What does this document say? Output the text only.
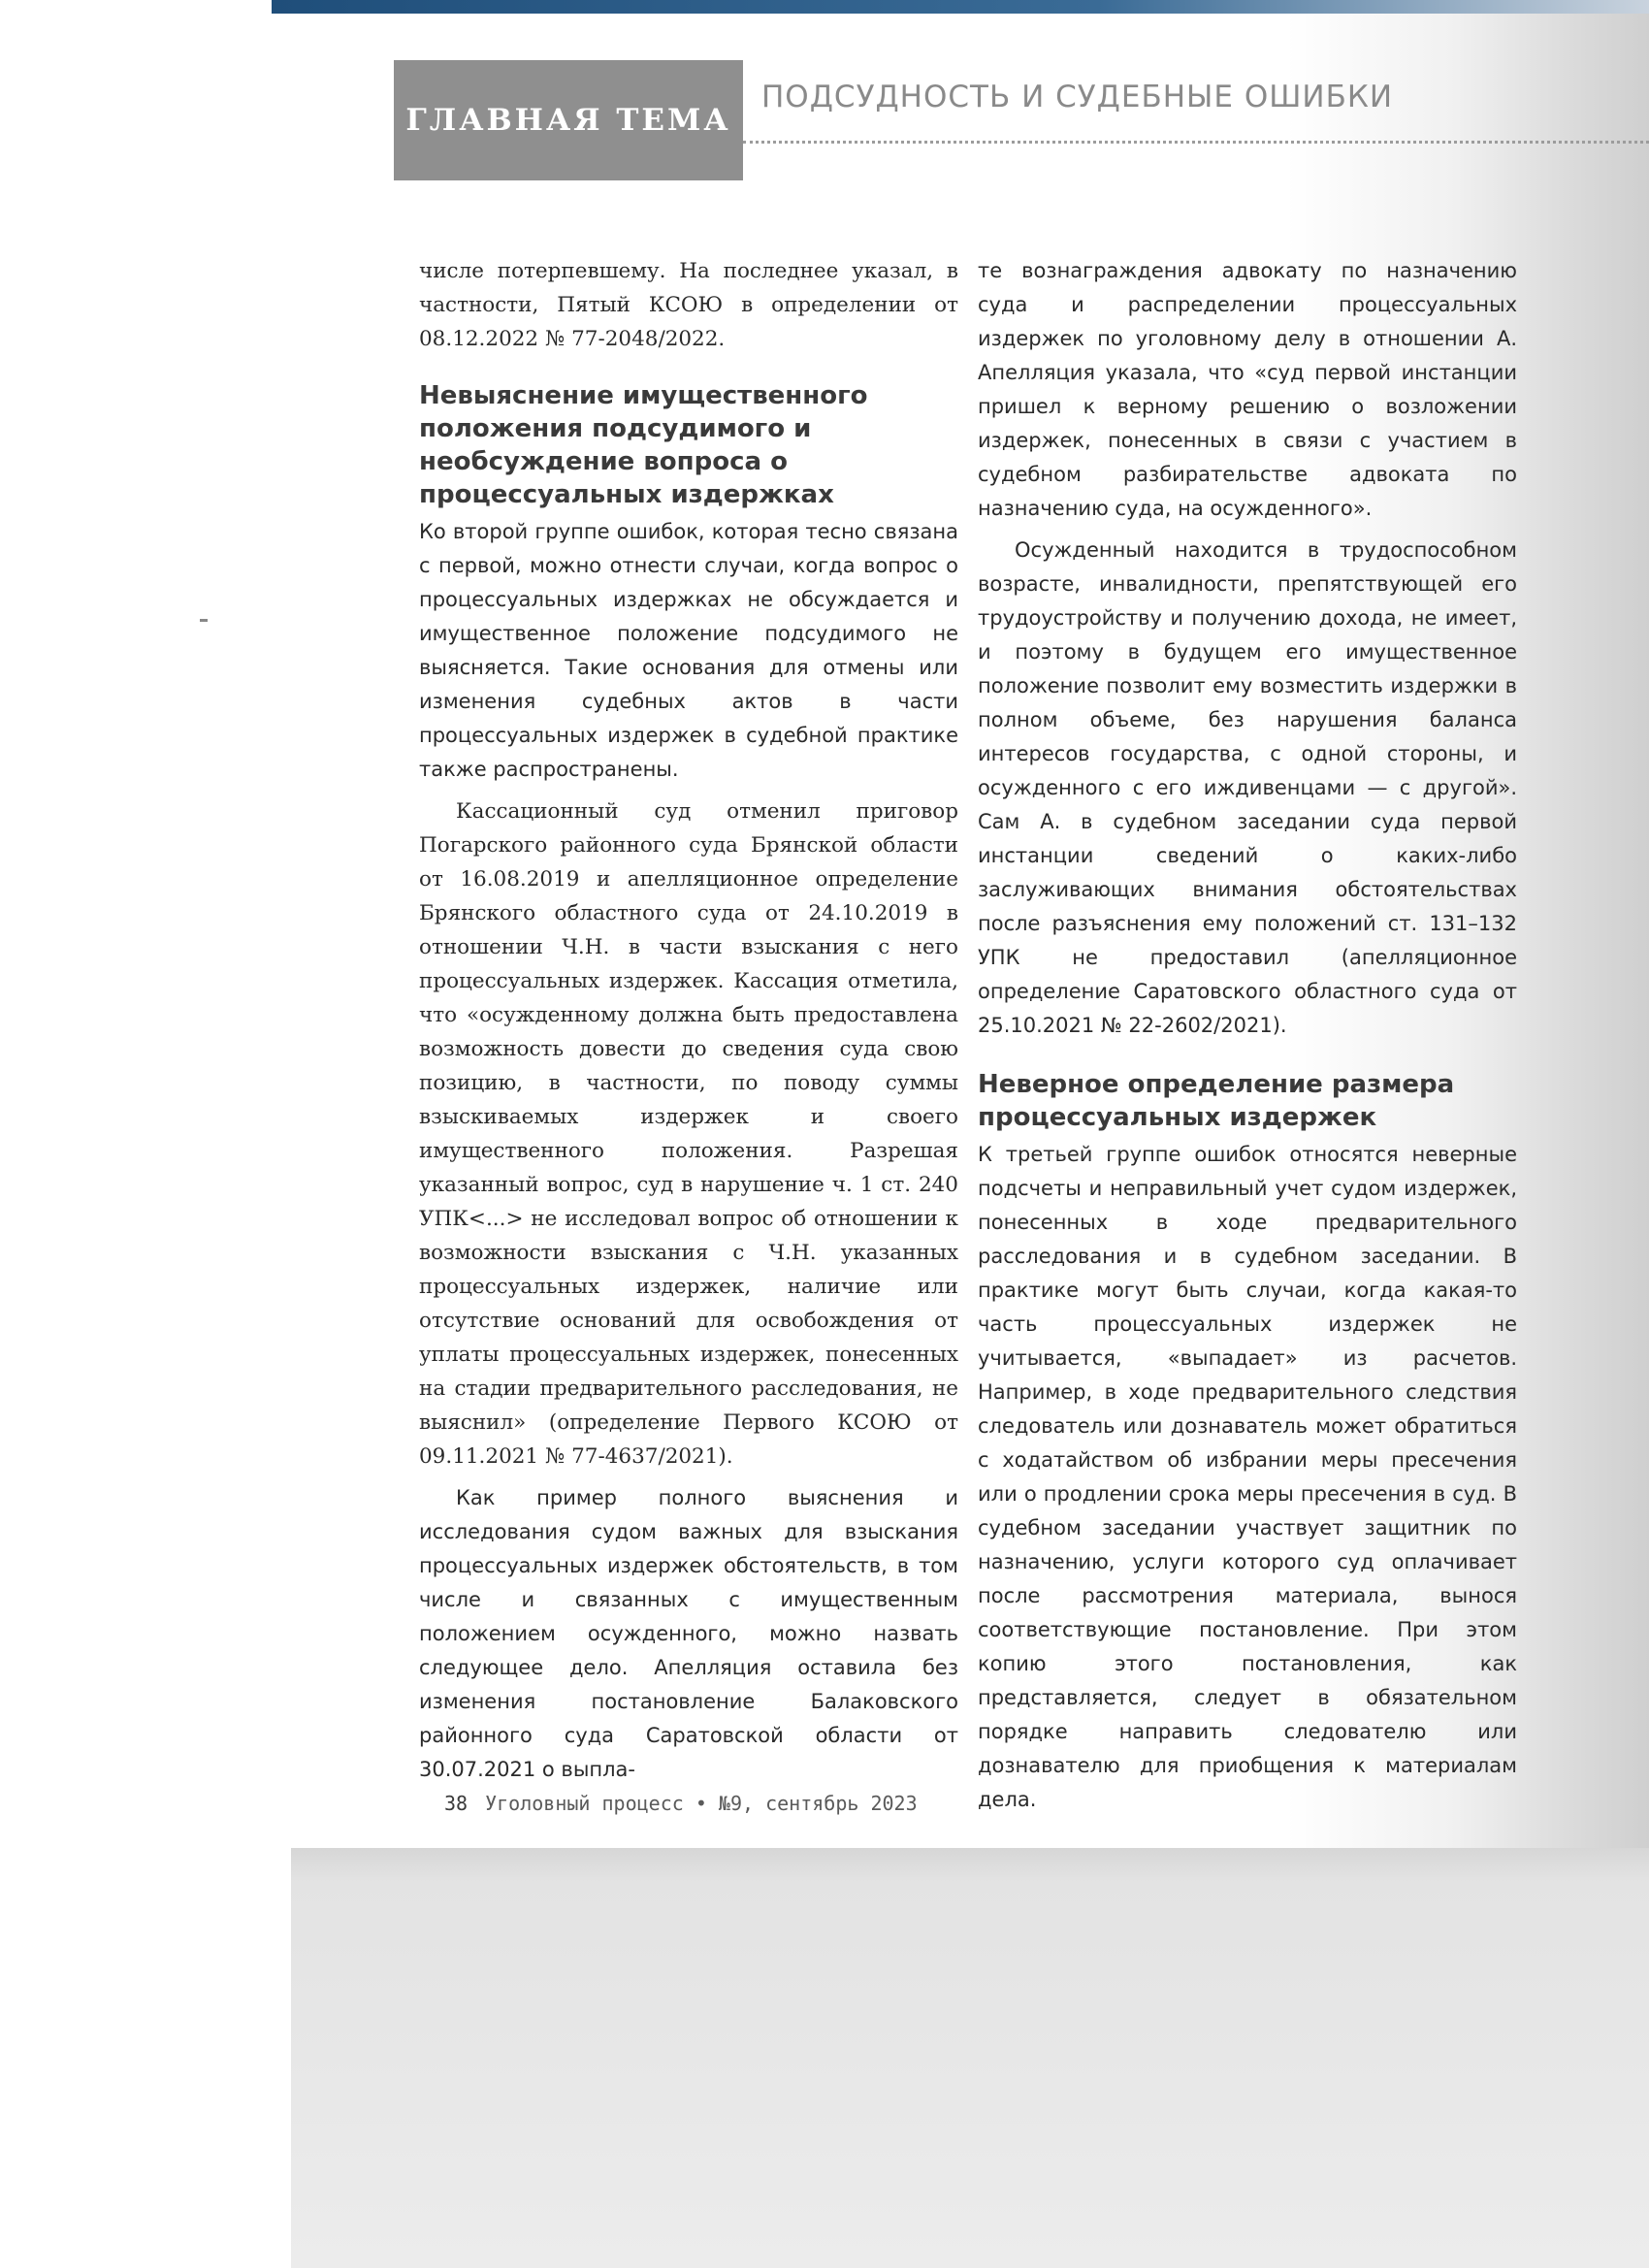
ГЛАВНАЯ ТЕМА
ПОДСУДНОСТЬ И СУДЕБНЫЕ ОШИБКИ

числе потерпевшему. На последнее указал, в частности, Пятый КСОЮ в определении от 08.12.2022 № 77-2048/2022.

Невыяснение имущественного положения подсудимого и необсуждение вопроса о процессуальных издержках

Ко второй группе ошибок, которая тесно связана с первой, можно отнести случаи, когда вопрос о процессуальных издержках не обсуждается и имущественное положение подсудимого не выясняется. Такие основания для отмены или изменения судебных актов в части процессуальных издержек в судебной практике также распространены.

Кассационный суд отменил приговор Погарского районного суда Брянской области от 16.08.2019 и апелляционное определение Брянского областного суда от 24.10.2019 в отношении Ч.Н. в части взыскания с него процессуальных издержек. Кассация отметила, что «осужденному должна быть предоставлена возможность довести до сведения суда свою позицию, в частности, по поводу суммы взыскиваемых издержек и своего имущественного положения. Разрешая указанный вопрос, суд в нарушение ч. 1 ст. 240 УПК<...> не исследовал вопрос об отношении к возможности взыскания с Ч.Н. указанных процессуальных издержек, наличие или отсутствие оснований для освобождения от уплаты процессуальных издержек, понесенных на стадии предварительного расследования, не выяснил» (определение Первого КСОЮ от 09.11.2021 № 77-4637/2021).

Как пример полного выяснения и исследования судом важных для взыскания процессуальных издержек обстоятельств, в том числе и связанных с имущественным положением осужденного, можно назвать следующее дело. Апелляция оставила без изменения постановление Балаковского районного суда Саратовской области от 30.07.2021 о выпла-

те вознаграждения адвокату по назначению суда и распределении процессуальных издержек по уголовному делу в отношении А. Апелляция указала, что «суд первой инстанции пришел к верному решению о возложении издержек, понесенных в связи с участием в судебном разбирательстве адвоката по назначению суда, на осужденного».

Осужденный находится в трудоспособном возрасте, инвалидности, препятствующей его трудоустройству и получению дохода, не имеет, и поэтому в будущем его имущественное положение позволит ему возместить издержки в полном объеме, без нарушения баланса интересов государства, с одной стороны, и осужденного с его иждивенцами — с другой». Сам А. в судебном заседании суда первой инстанции сведений о каких-либо заслуживающих внимания обстоятельствах после разъяснения ему положений ст. 131–132 УПК не предоставил (апелляционное определение Саратовского областного суда от 25.10.2021 № 22-2602/2021).

Неверное определение размера процессуальных издержек

К третьей группе ошибок относятся неверные подсчеты и неправильный учет судом издержек, понесенных в ходе предварительного расследования и в судебном заседании. В практике могут быть случаи, когда какая-то часть процессуальных издержек не учитывается, «выпадает» из расчетов. Например, в ходе предварительного следствия следователь или дознаватель может обратиться с ходатайством об избрании меры пресечения или о продлении срока меры пресечения в суд. В судебном заседании участвует защитник по назначению, услуги которого суд оплачивает после рассмотрения материала, вынося соответствующие постановление. При этом копию этого постановления, как представляется, следует в обязательном порядке направить следователю или дознавателю для приобщения к материалам дела.

38 Уголовный процесс • №9, сентябрь 2023
